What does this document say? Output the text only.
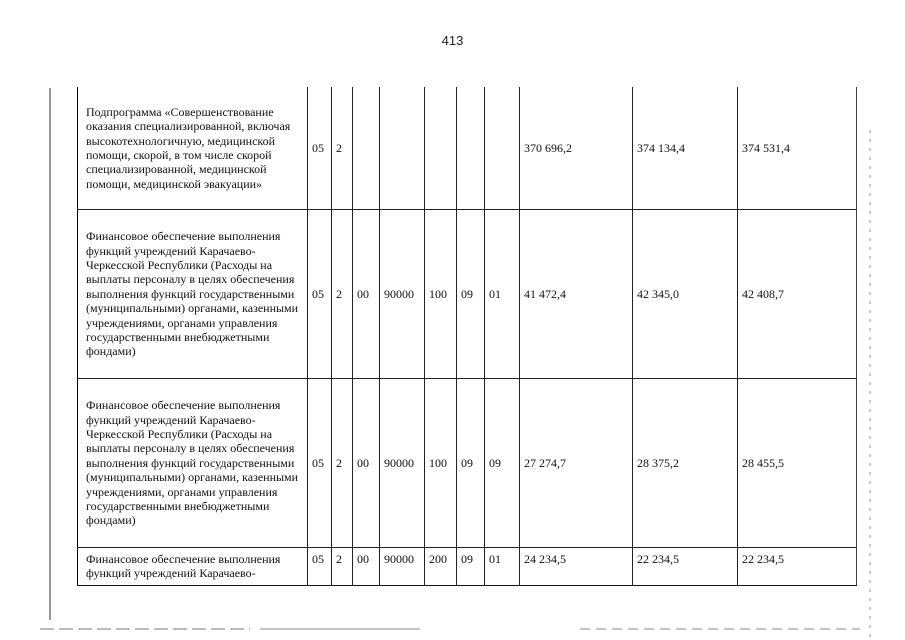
413
Подпрограмма «Совершенствование оказания специализированной, включая высокотехнологичную, медицинской помощи, скорой, в том числе скорой специализированной, медицинской помощи, медицинской эвакуации»	05	2						370 696,2	374 134,4	374 531,4
Финансовое обеспечение выполнения функций учреждений Карачаево-Черкесской Республики (Расходы на выплаты персоналу в целях обеспечения выполнения функций государственными (муниципальными) органами, казенными учреждениями, органами управления государственными внебюджетными фондами)	05	2	00	90000	100	09	01	41 472,4	42 345,0	42 408,7
Финансовое обеспечение выполнения функций учреждений Карачаево-Черкесской Республики (Расходы на выплаты персоналу в целях обеспечения выполнения функций государственными (муниципальными) органами, казенными учреждениями, органами управления государственными внебюджетными фондами)	05	2	00	90000	100	09	09	27 274,7	28 375,2	28 455,5
Финансовое обеспечение выполнения функций учреждений Карачаево-	05	2	00	90000	200	09	01	24 234,5	22 234,5	22 234,5
